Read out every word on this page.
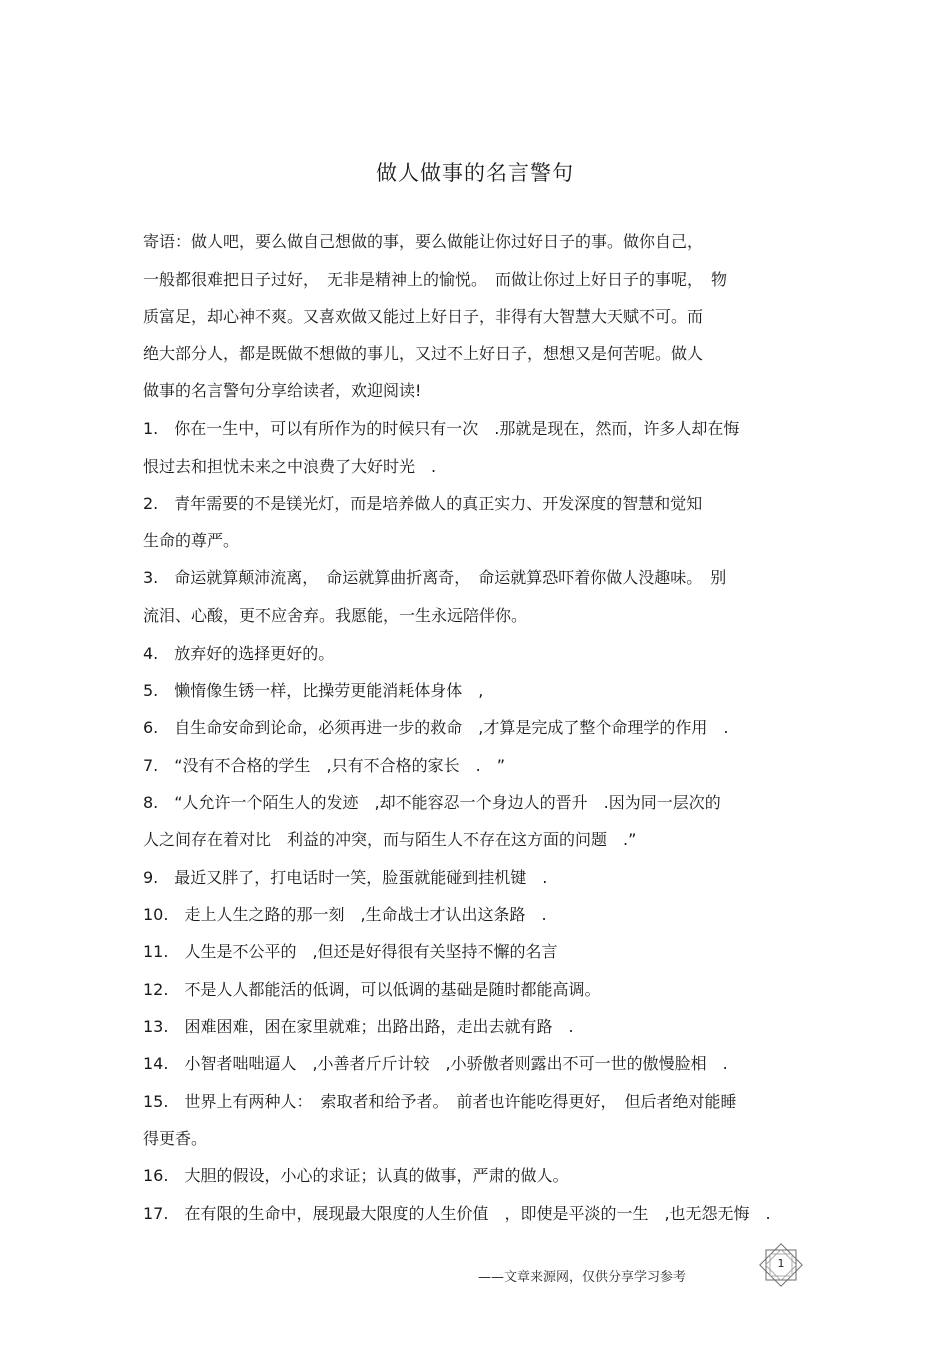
做人做事的名言警句
寄语：做人吧，要么做自己想做的事，要么做能让你过好日子的事。做你自己，
一般都很难把日子过好，　无非是精神上的愉悦。　而做让你过上好日子的事呢，　物
质富足，却心神不爽。又喜欢做又能过上好日子，非得有大智慧大天赋不可。而
绝大部分人，都是既做不想做的事儿，又过不上好日子，想想又是何苦呢。做人
做事的名言警句分享给读者，欢迎阅读!
1.　你在一生中，可以有所作为的时候只有一次　.那就是现在，然而，许多人却在悔
恨过去和担忧未来之中浪费了大好时光　.
2.　青年需要的不是镁光灯，而是培养做人的真正实力、开发深度的智慧和觉知
生命的尊严。
3.　命运就算颠沛流离，　命运就算曲折离奇，　命运就算恐吓着你做人没趣味。　别
流泪、心酸，更不应舍弃。我愿能，一生永远陪伴你。
4.　放弃好的选择更好的。
5.　懒惰像生锈一样，比操劳更能消耗体身体　,
6.　自生命安命到论命，必须再进一步的救命　,才算是完成了整个命理学的作用　.
7.　“没有不合格的学生　,只有不合格的家长　.　”
8.　“人允许一个陌生人的发迹　,却不能容忍一个身边人的晋升　.因为同一层次的
人之间存在着对比　利益的冲突，而与陌生人不存在这方面的问题　.”
9.　最近又胖了，打电话时一笑，脸蛋就能碰到挂机键　.
10.　走上人生之路的那一刻　,生命战士才认出这条路　.
11.　人生是不公平的　,但还是好得很有关坚持不懈的名言
12.　不是人人都能活的低调，可以低调的基础是随时都能高调。
13.　困难困难，困在家里就难；出路出路，走出去就有路　.
14.　小智者咄咄逼人　,小善者斤斤计较　,小骄傲者则露出不可一世的傲慢脸相　.
15.　世界上有两种人：　索取者和给予者。　前者也许能吃得更好，　但后者绝对能睡
得更香。
16.　大胆的假设，小心的求证；认真的做事，严肃的做人。
17.　在有限的生命中，展现最大限度的人生价值　，即使是平淡的一生　,也无怨无悔　.
——文章来源网，仅供分享学习参考
1
